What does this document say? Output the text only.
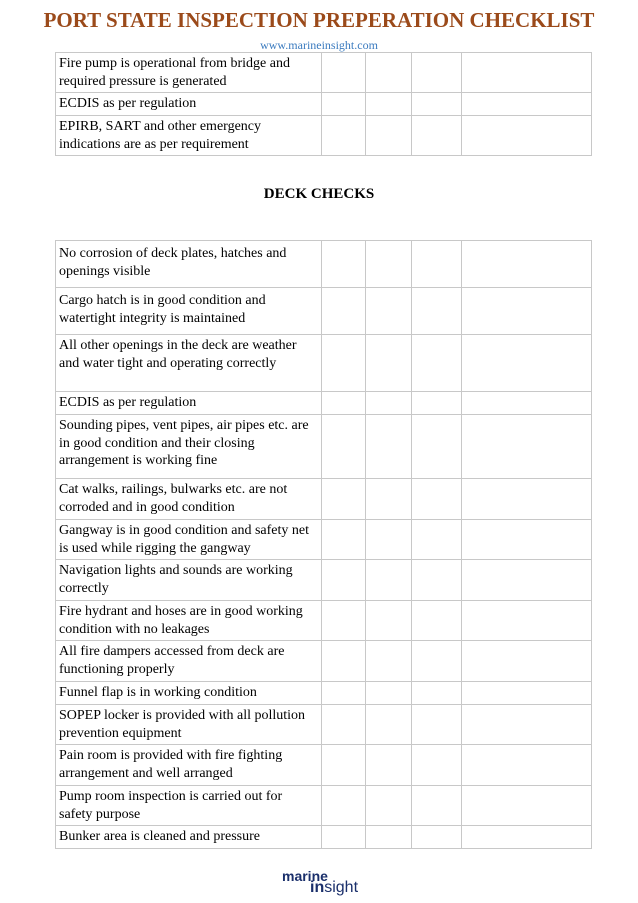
PORT STATE INSPECTION PREPERATION CHECKLIST
www.marineinsight.com
Fire pump is operational from bridge and required pressure is generated				
ECDIS as per regulation				
EPIRB, SART and other emergency indications are as per requirement				
DECK CHECKS
No corrosion of deck plates, hatches and openings visible				
Cargo hatch is in good condition and watertight integrity is maintained				
All other openings in the deck are weather and water tight and operating correctly				
ECDIS as per regulation				
Sounding pipes, vent pipes, air pipes etc. are in good condition and their closing arrangement is working fine				
Cat walks, railings, bulwarks etc. are not corroded and in good condition				
Gangway is in good condition and safety net is used while rigging the gangway				
Navigation lights and sounds are working correctly				
Fire hydrant and hoses are in good working condition with no leakages				
All fire dampers accessed from deck are functioning properly				
Funnel flap is in working condition				
SOPEP locker is provided with all pollution prevention equipment				
Pain room is provided with fire fighting arrangement and well arranged				
Pump room inspection is carried out for safety purpose				
Bunker area is cleaned and pressure				
marine
insight
